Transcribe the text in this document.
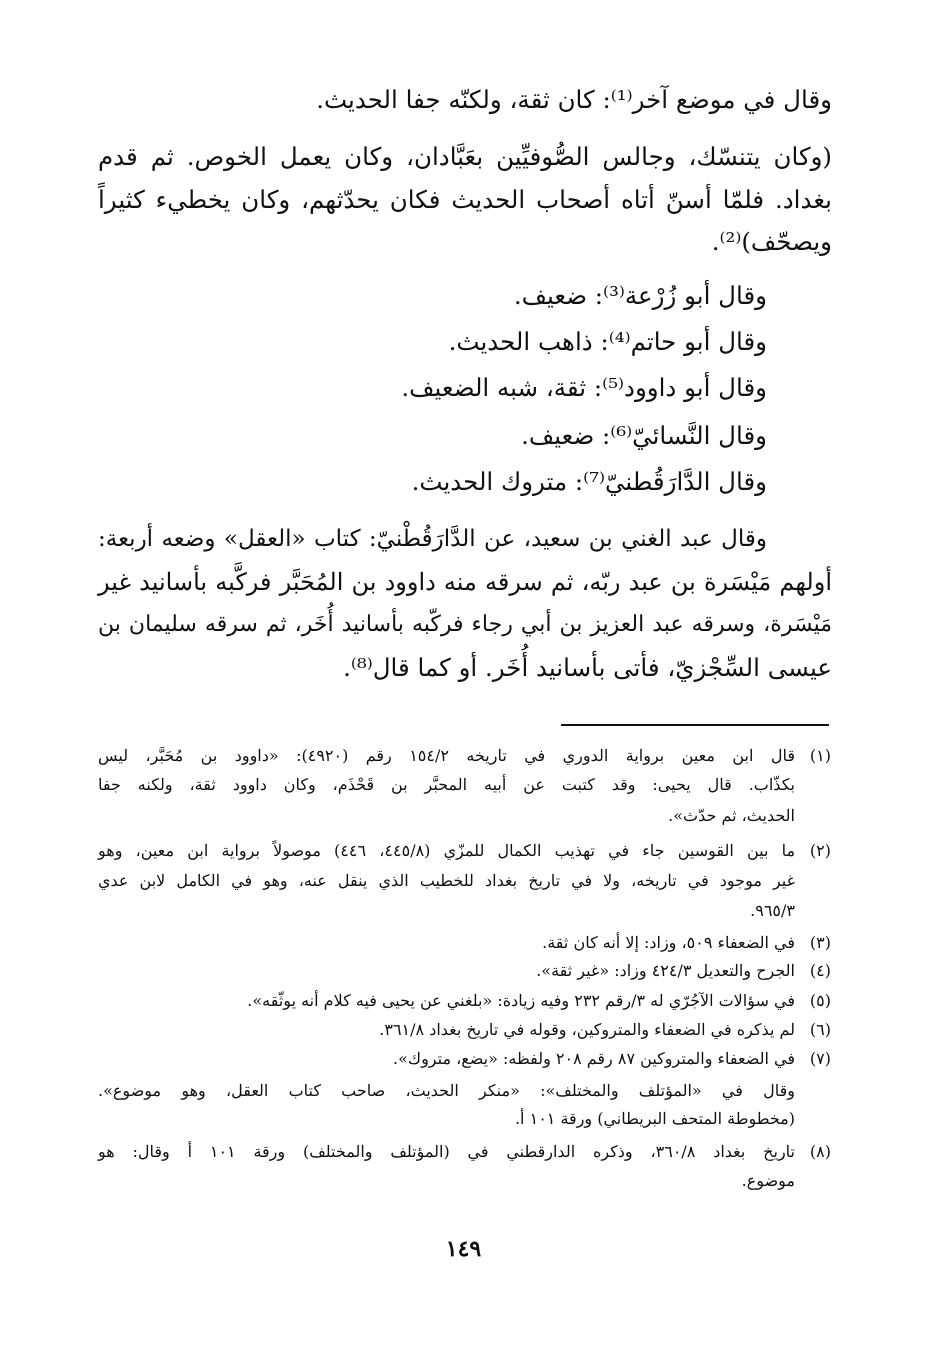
وقال في موضع آخر⁽¹⁾: كان ثقة، ولكنّه جفا الحديث.
(وكان يتنسّك، وجالس الصُّوفيِّين بعَبَّادان، وكان يعمل الخوص. ثم قدم
بغداد. فلمّا أسنّ أتاه أصحاب الحديث فكان يحدّثهم، وكان يخطيء كثيراً
ويصحّف)⁽²⁾.
وقال أبو زُرْعة⁽³⁾: ضعيف.
وقال أبو حاتم⁽⁴⁾: ذاهب الحديث.
وقال أبو داوود⁽⁵⁾: ثقة، شبه الضعيف.
وقال النَّسائيّ⁽⁶⁾: ضعيف.
وقال الدَّارَقُطنيّ⁽⁷⁾: متروك الحديث.
وقال عبد الغني بن سعيد، عن الدَّارَقُطْنيّ: كتاب «العقل» وضعه أربعة:
أولهم مَيْسَرة بن عبد ربّه، ثم سرقه منه داوود بن المُحَبَّر فركَّبه بأسانيد غير
مَيْسَرة، وسرقه عبد العزيز بن أبي رجاء فركّبه بأسانيد أُخَر، ثم سرقه سليمان بن
عيسى السِّجْزيّ، فأتى بأسانيد أُخَر. أو كما قال⁽⁸⁾.
(١)
قال ابن معين برواية الدوري في تاريخه ١٥٤/٢ رقم (٤٩٢٠): «داوود بن مُحَبَّر، ليس
بكذّاب. قال يحيى: وقد كتبت عن أبيه المحبَّر بن قَحْذَم، وكان داوود ثقة، ولكنه جفا
الحديث، ثم حدّث».
(٢)
ما بين القوسين جاء في تهذيب الكمال للمزّي (٤٤٥/٨، ٤٤٦) موصولاً برواية ابن معين، وهو
غير موجود في تاريخه، ولا في تاريخ بغداد للخطيب الذي ينقل عنه، وهو في الكامل لابن عدي
٩٦٥/٣.
(٣)
في الضعفاء ٥٠٩، وزاد: إلا أنه كان ثقة.
(٤)
الجرح والتعديل ٤٢٤/٣ وزاد: «غير ثقة».
(٥)
في سؤالات الآجُرّي له ٣/رقم ٢٣٢ وفيه زيادة: «بلغني عن يحيى فيه كلام أنه يوثّقه».
(٦)
لم يذكره في الضعفاء والمتروكين، وقوله في تاريخ بغداد ٣٦١/٨.
(٧)
في الضعفاء والمتروكين ٨٧ رقم ٢٠٨ ولفظه: «يضع، متروك».
وقال في «المؤتلف والمختلف»: «منكر الحديث، صاحب كتاب العقل، وهو موضوع».
(مخطوطة المتحف البريطاني) ورقة ١٠١ أ.
(٨)
تاريخ بغداد ٣٦٠/٨، وذكره الدارقطني في (المؤتلف والمختلف) ورقة ١٠١ أ وقال: هو
موضوع.
١٤٩
